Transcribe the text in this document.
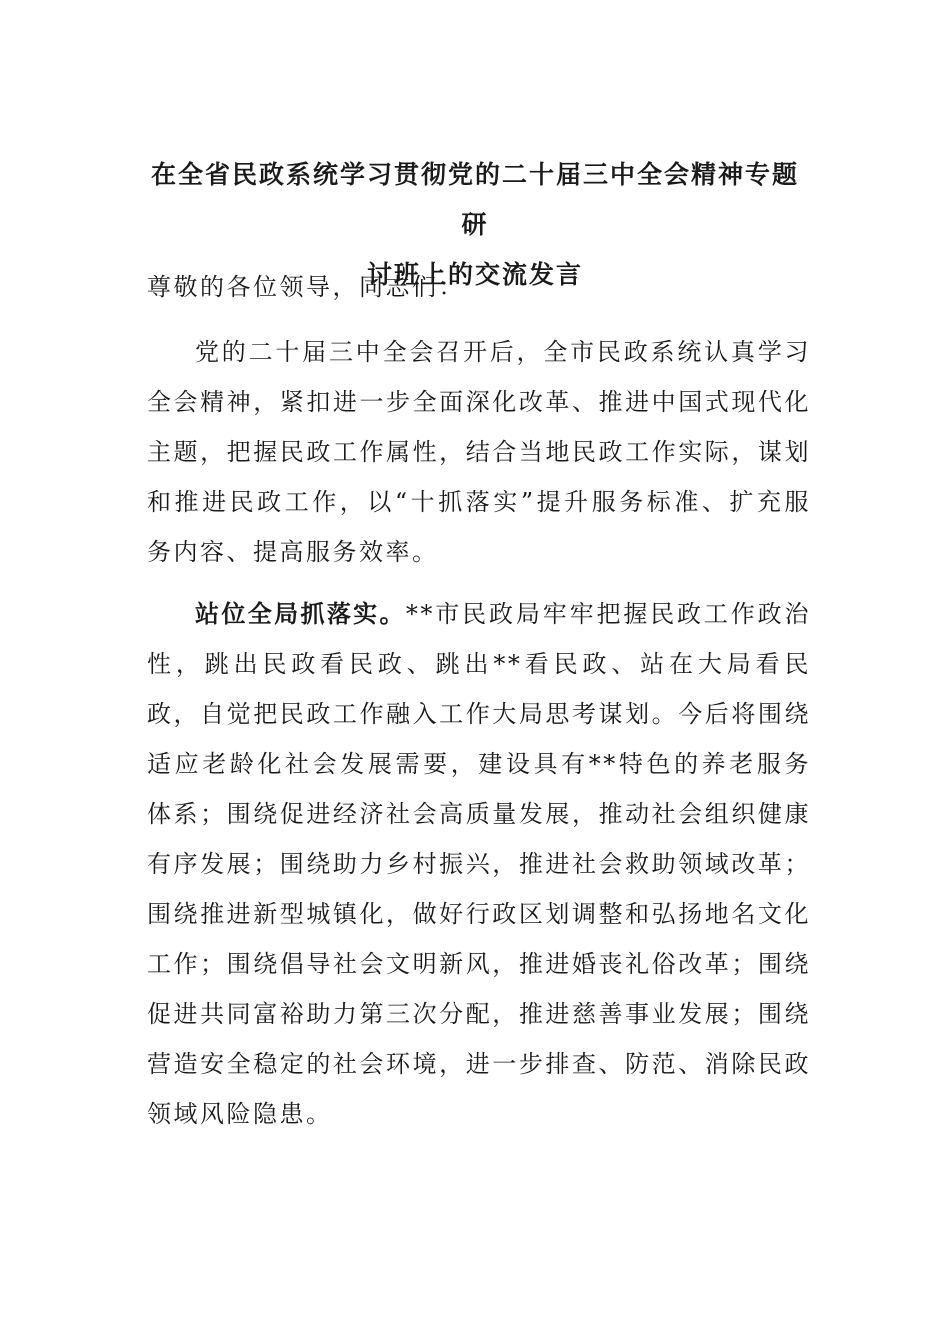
在全省民政系统学习贯彻党的二十届三中全会精神专题研
讨班上的交流发言

尊敬的各位领导，同志们：

党的二十届三中全会召开后，全市民政系统认真学习全会精神，紧扣进一步全面深化改革、推进中国式现代化主题，把握民政工作属性，结合当地民政工作实际，谋划和推进民政工作，以“十抓落实”提升服务标准、扩充服务内容、提高服务效率。

站位全局抓落实。**市民政局牢牢把握民政工作政治性，跳出民政看民政、跳出**看民政、站在大局看民政，自觉把民政工作融入工作大局思考谋划。今后将围绕适应老龄化社会发展需要，建设具有**特色的养老服务体系；围绕促进经济社会高质量发展，推动社会组织健康有序发展；围绕助力乡村振兴，推进社会救助领域改革；围绕推进新型城镇化，做好行政区划调整和弘扬地名文化工作；围绕倡导社会文明新风，推进婚丧礼俗改革；围绕促进共同富裕助力第三次分配，推进慈善事业发展；围绕营造安全稳定的社会环境，进一步排查、防范、消除民政领域风险隐患。
